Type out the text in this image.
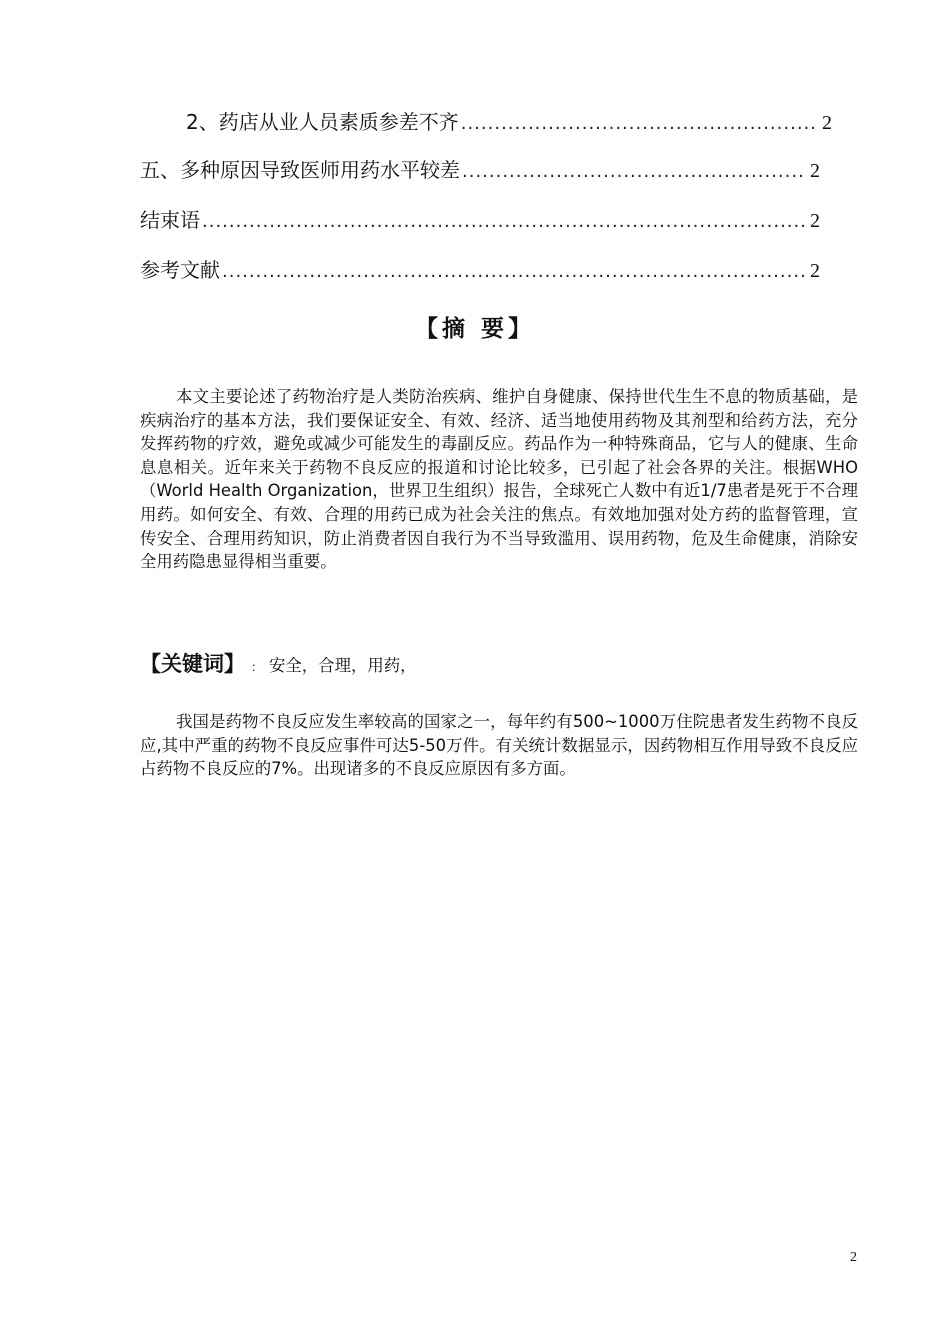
2、药店从业人员素质参差不齐 .....	2
五、多种原因导致医师用药水平较差 .....	2
结束语 .....	2
参考文献 .....	2
【摘 要】

本文主要论述了药物治疗是人类防治疾病、维护自身健康、保持世代生生不息的物质基础，是疾病治疗的基本方法，我们要保证安全、有效、经济、适当地使用药物及其剂型和给药方法，充分发挥药物的疗效，避免或减少可能发生的毒副反应。药品作为一种特殊商品，它与人的健康、生命息息相关。近年来关于药物不良反应的报道和讨论比较多，已引起了社会各界的关注。根据WHO（World Health Organization，世界卫生组织）报告，全球死亡人数中有近1/7患者是死于不合理用药。如何安全、有效、合理的用药已成为社会关注的焦点。有效地加强对处方药的监督管理，宣传安全、合理用药知识，防止消费者因自我行为不当导致滥用、误用药物，危及生命健康，消除安全用药隐患显得相当重要。

【关键词】 ： 安全，合理，用药，

我国是药物不良反应发生率较高的国家之一，每年约有500~1000万住院患者发生药物不良反应,其中严重的药物不良反应事件可达5-50万件。有关统计数据显示，因药物相互作用导致不良反应占药物不良反应的7%。出现诸多的不良反应原因有多方面。

2
